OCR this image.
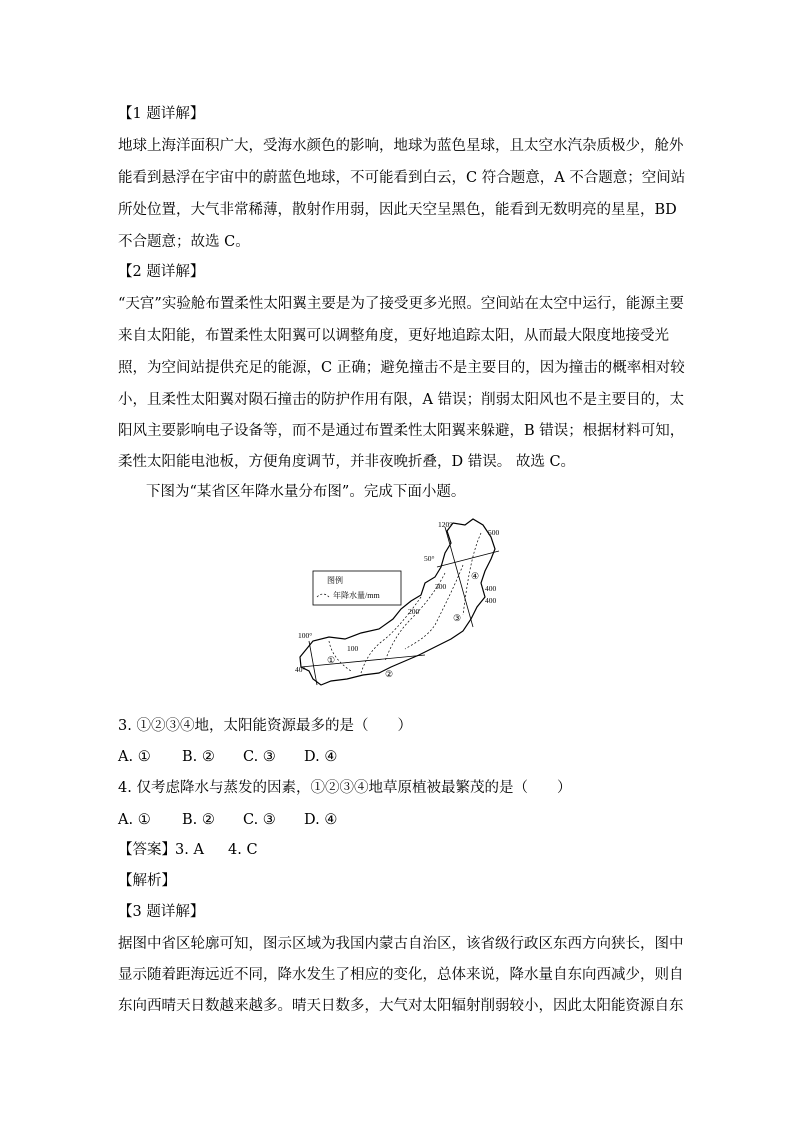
【1 题详解】
地球上海洋面积广大，受海水颜色的影响，地球为蓝色星球，且太空水汽杂质极少，舱外
能看到悬浮在宇宙中的蔚蓝色地球，不可能看到白云，C 符合题意，A 不合题意；空间站
所处位置，大气非常稀薄，散射作用弱，因此天空呈黑色，能看到无数明亮的星星，BD
不合题意；故选 C。
【2 题详解】
“天宫”实验舱布置柔性太阳翼主要是为了接受更多光照。空间站在太空中运行，能源主要
来自太阳能，布置柔性太阳翼可以调整角度，更好地追踪太阳，从而最大限度地接受光
照，为空间站提供充足的能源，C 正确；避免撞击不是主要目的，因为撞击的概率相对较
小，且柔性太阳翼对陨石撞击的防护作用有限，A 错误；削弱太阳风也不是主要目的，太
阳风主要影响电子设备等，而不是通过布置柔性太阳翼来躲避，B 错误；根据材料可知，
柔性太阳能电池板，方便角度调节，并非夜晚折叠，D 错误。 故选 C。
下图为“某省区年降水量分布图”。完成下面小题。
图例
年降水量/mm
120°
100°
50°
40°
500
400
400
300
200
100
①
②
③
④
3. ①②③④地，太阳能资源最多的是（　　）
A. ① B. ② C. ③ D. ④
4. 仅考虑降水与蒸发的因素，①②③④地草原植被最繁茂的是（　　）
A. ① B. ② C. ③ D. ④
【答案】 3. A 4. C
【解析】
【3 题详解】
据图中省区轮廓可知，图示区域为我国内蒙古自治区，该省级行政区东西方向狭长，图中
显示随着距海远近不同，降水发生了相应的变化，总体来说，降水量自东向西减少，则自
东向西晴天日数越来越多。晴天日数多，大气对太阳辐射削弱较小，因此太阳能资源自东
